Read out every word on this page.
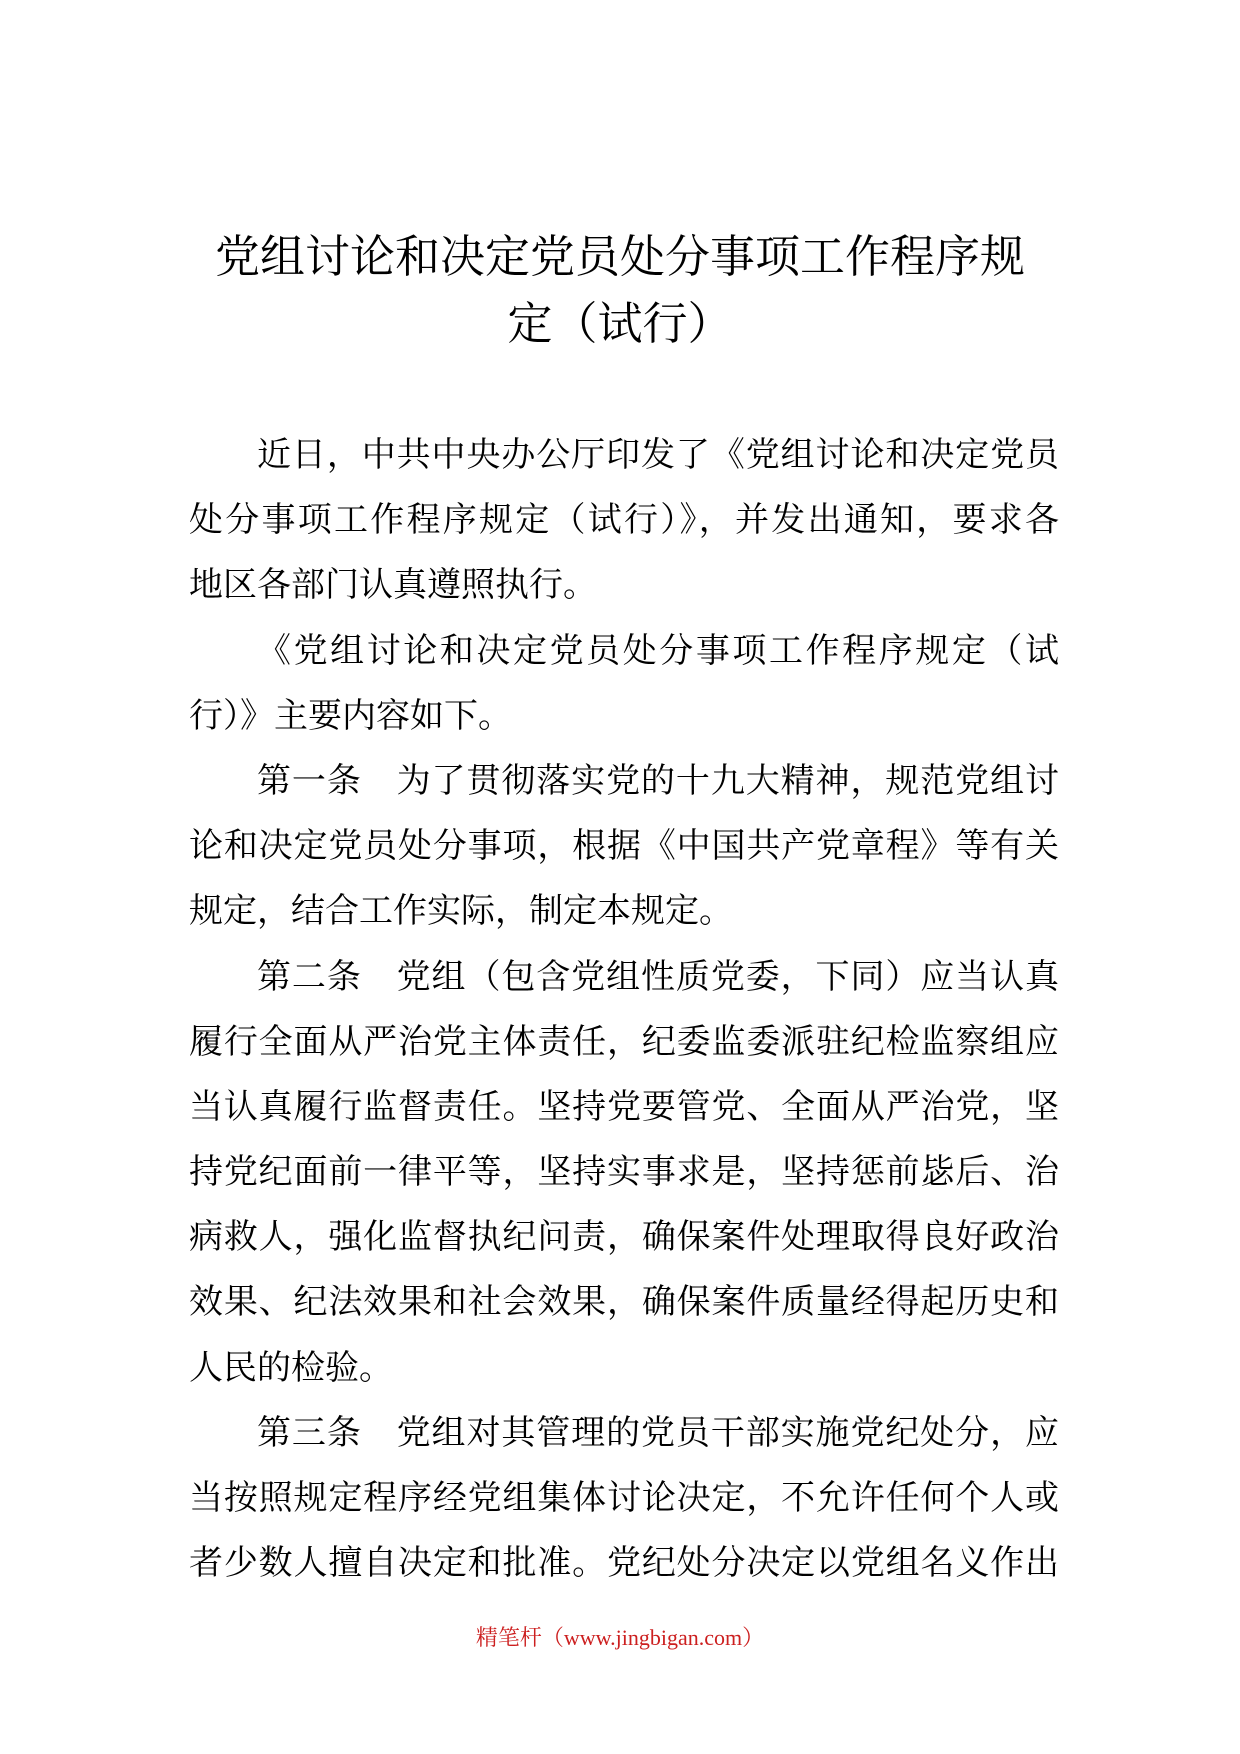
党组讨论和决定党员处分事项工作程序规
定（试行）
近日，中共中央办公厅印发了《党组讨论和决定党员
处分事项工作程序规定（试行）》，并发出通知，要求各
地区各部门认真遵照执行。
《党组讨论和决定党员处分事项工作程序规定（试
行）》主要内容如下。
第一条　为了贯彻落实党的十九大精神，规范党组讨
论和决定党员处分事项，根据《中国共产党章程》等有关
规定，结合工作实际，制定本规定。
第二条　党组（包含党组性质党委，下同）应当认真
履行全面从严治党主体责任，纪委监委派驻纪检监察组应
当认真履行监督责任。坚持党要管党、全面从严治党，坚
持党纪面前一律平等，坚持实事求是，坚持惩前毖后、治
病救人，强化监督执纪问责，确保案件处理取得良好政治
效果、纪法效果和社会效果，确保案件质量经得起历史和
人民的检验。
第三条　党组对其管理的党员干部实施党纪处分，应
当按照规定程序经党组集体讨论决定，不允许任何个人或
者少数人擅自决定和批准。党纪处分决定以党组名义作出
精笔杆（www.jingbigan.com）
